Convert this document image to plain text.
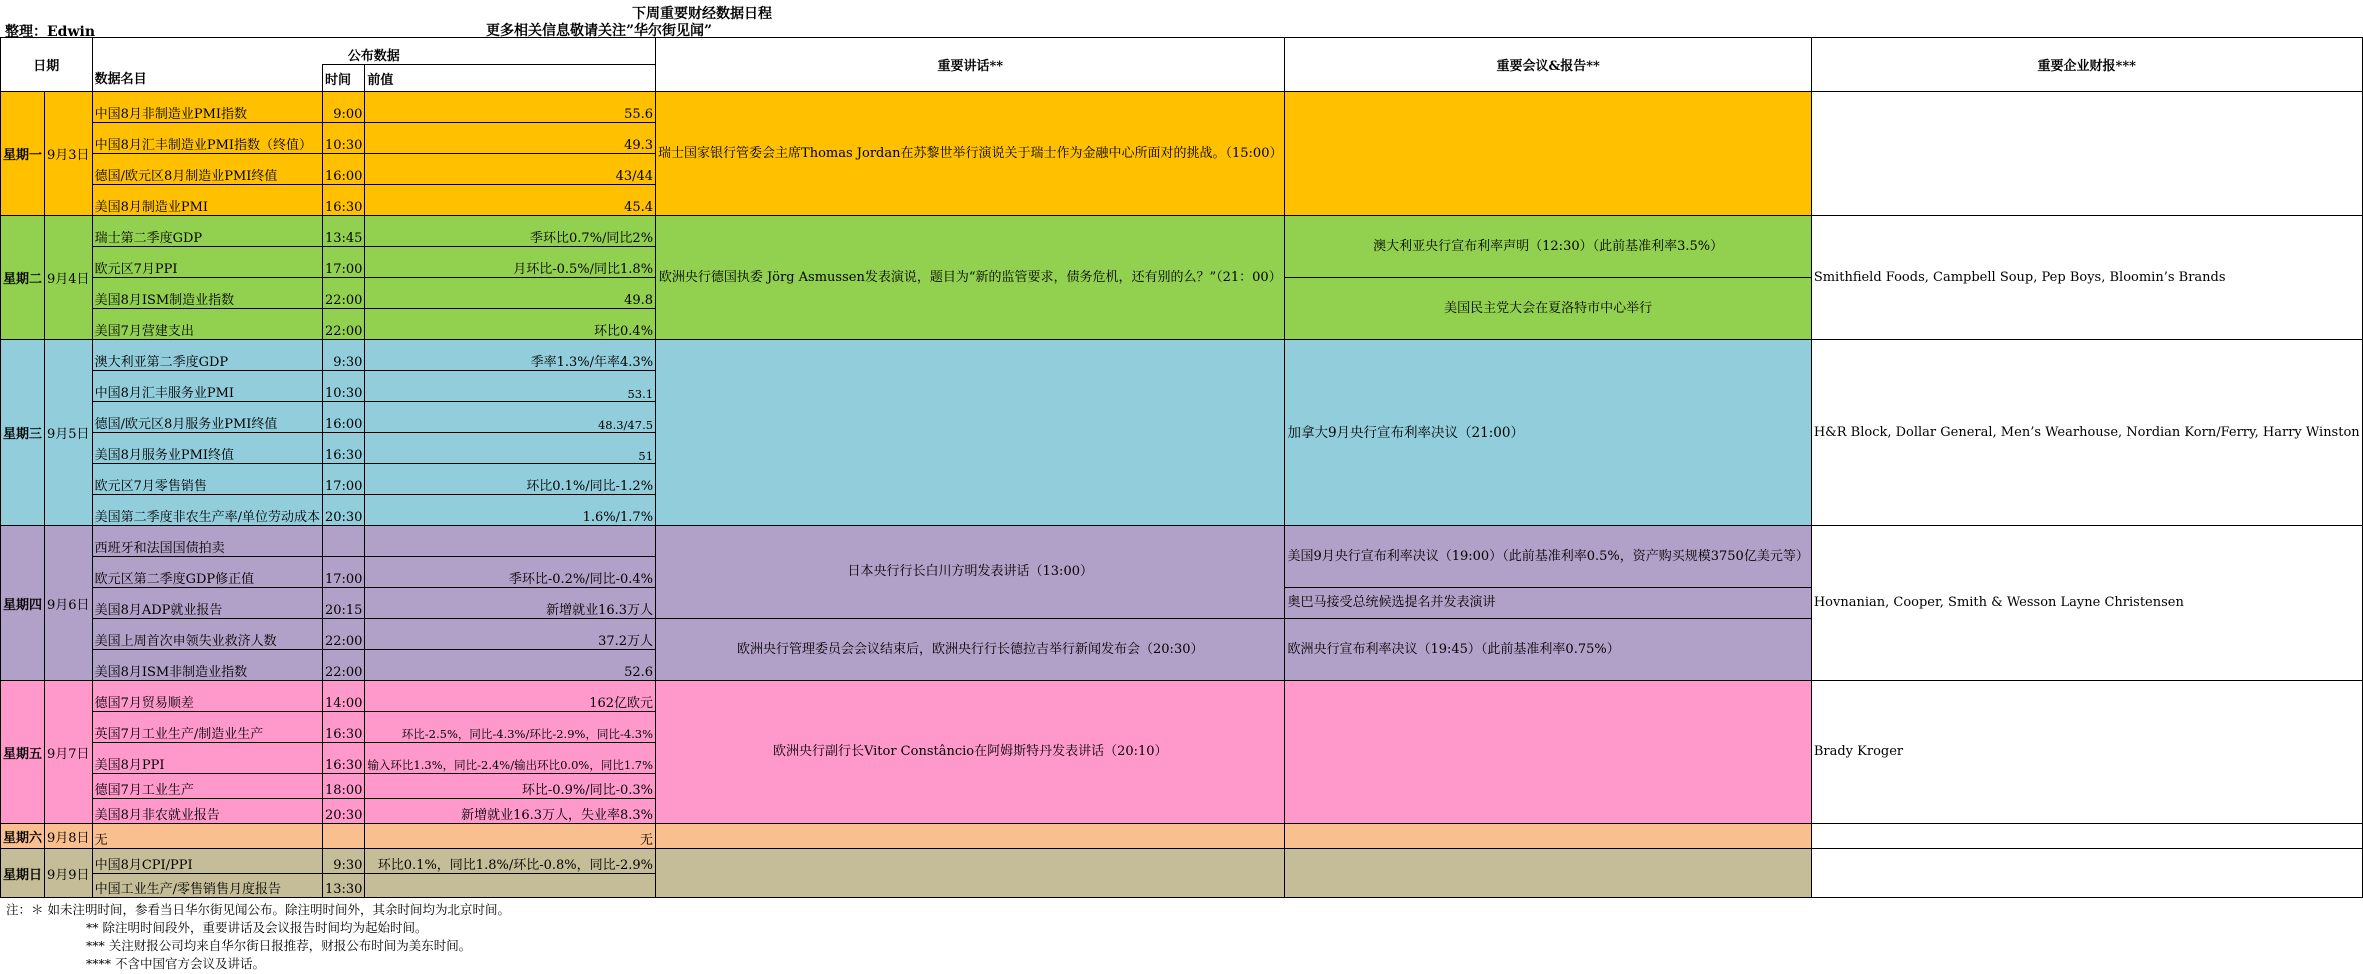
下周重要财经数据日程
更多相关信息敬请关注”华尔街见闻”
整理：Edwin
日期		公布数据			重要讲话**	重要会议&报告**	重要企业财报***
		数据名目	时间	前值			
星期一	9月3日	中国8月非制造业PMI指数	9:00	55.6	瑞士国家银行管委会主席Thomas Jordan在苏黎世举行演说关于瑞士作为金融中心所面对的挑战。（15:00）		
		中国8月汇丰制造业PMI指数（终值）	10:30	49.3			
		德国/欧元区8月制造业PMI终值	16:00	43/44			
		美国8月制造业PMI	16:30	45.4			
星期二	9月4日	瑞士第二季度GDP	13:45	季环比0.7%/同比2%	欧洲央行德国执委 Jörg Asmussen发表演说，题目为“新的监管要求，债务危机，还有别的么？”（21：00）	澳大利亚央行宣布利率声明（12:30）（此前基准利率3.5%）	Smithfield Foods, Campbell Soup, Pep Boys, Bloomin’s Brands
		欧元区7月PPI	17:00	月环比-0.5%/同比1.8%			
		美国8月ISM制造业指数	22:00	49.8		美国民主党大会在夏洛特市中心举行	
		美国7月营建支出	22:00	环比0.4%			
星期三	9月5日	澳大利亚第二季度GDP	9:30	季率1.3%/年率4.3%		加拿大9月央行宣布利率决议（21:00）	H&R Block, Dollar General, Men’s Wearhouse, Nordian Korn/Ferry, Harry Winston
		中国8月汇丰服务业PMI	10:30	53.1			
		德国/欧元区8月服务业PMI终值	16:00	48.3/47.5			
		美国8月服务业PMI终值	16:30	51			
		欧元区7月零售销售	17:00	环比0.1%/同比-1.2%			
		美国第二季度非农生产率/单位劳动成本	20:30	1.6%/1.7%			
星期四	9月6日	西班牙和法国国债拍卖			日本央行行长白川方明发表讲话（13:00）	美国9月央行宣布利率决议（19:00）（此前基准利率0.5%，资产购买规模3750亿美元等）	Hovnanian, Cooper, Smith & Wesson Layne Christensen
		欧元区第二季度GDP修正值	17:00	季环比-0.2%/同比-0.4%			
		美国8月ADP就业报告	20:15	新增就业16.3万人		奥巴马接受总统候选提名并发表演讲	
		美国上周首次申领失业救济人数	22:00	37.2万人	欧洲央行管理委员会会议结束后，欧洲央行行长德拉吉举行新闻发布会（20:30）	欧洲央行宣布利率决议（19:45）（此前基准利率0.75%）	
		美国8月ISM非制造业指数	22:00	52.6			
星期五	9月7日	德国7月贸易顺差	14:00	162亿欧元	欧洲央行副行长Vitor Constâncio在阿姆斯特丹发表讲话（20:10）		Brady Kroger
		英国7月工业生产/制造业生产	16:30	环比-2.5%，同比-4.3%/环比-2.9%，同比-4.3%			
		美国8月PPI	16:30	输入环比1.3%，同比-2.4%/输出环比0.0%，同比1.7%			
		德国7月工业生产	18:00	环比-0.9%/同比-0.3%			
		美国8月非农就业报告	20:30	新增就业16.3万人，失业率8.3%			
星期六	9月8日	无		无			
星期日	9月9日	中国8月CPI/PPI	9:30	环比0.1%，同比1.8%/环比-0.8%，同比-2.9%			
		中国工业生产/零售销售月度报告	13:30				
注：＊ 如未注明时间，参看当日华尔街见闻公布。除注明时间外，其余时间均为北京时间。
** 除注明时间段外，重要讲话及会议报告时间均为起始时间。
*** 关注财报公司均来自华尔街日报推荐，财报公布时间为美东时间。
**** 不含中国官方会议及讲话。
